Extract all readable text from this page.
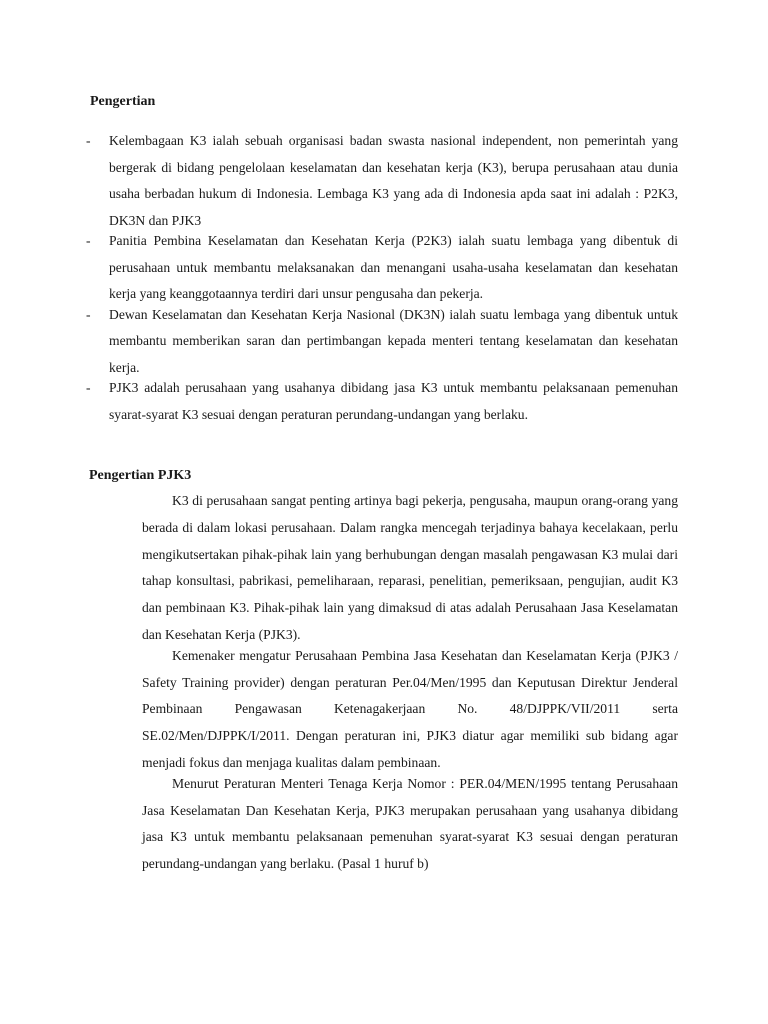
Pengertian
- Kelembagaan K3 ialah sebuah organisasi badan swasta nasional independent, non pemerintah yang bergerak di bidang pengelolaan keselamatan dan kesehatan kerja (K3), berupa perusahaan atau dunia usaha berbadan hukum di Indonesia. Lembaga K3 yang ada di Indonesia apda saat ini adalah : P2K3, DK3N dan PJK3
- Panitia Pembina Keselamatan dan Kesehatan Kerja (P2K3) ialah suatu lembaga yang dibentuk di perusahaan untuk membantu melaksanakan dan menangani usaha-usaha keselamatan dan kesehatan kerja yang keanggotaannya terdiri dari unsur pengusaha dan pekerja.
- Dewan Keselamatan dan Kesehatan Kerja Nasional (DK3N) ialah suatu lembaga yang dibentuk untuk membantu memberikan saran dan pertimbangan kepada menteri tentang keselamatan dan kesehatan kerja.
- PJK3 adalah perusahaan yang usahanya dibidang jasa K3 untuk membantu pelaksanaan pemenuhan syarat-syarat K3 sesuai dengan peraturan perundang-undangan yang berlaku.
Pengertian PJK3

K3 di perusahaan sangat penting artinya bagi pekerja, pengusaha, maupun orang-orang yang berada di dalam lokasi perusahaan. Dalam rangka mencegah terjadinya bahaya kecelakaan, perlu mengikutsertakan pihak-pihak lain yang berhubungan dengan masalah pengawasan K3 mulai dari tahap konsultasi, pabrikasi, pemeliharaan, reparasi, penelitian, pemeriksaan, pengujian, audit K3 dan pembinaan K3. Pihak-pihak lain yang dimaksud di atas adalah Perusahaan Jasa Keselamatan dan Kesehatan Kerja (PJK3).

Kemenaker mengatur Perusahaan Pembina Jasa Kesehatan dan Keselamatan Kerja (PJK3 / Safety Training provider) dengan peraturan Per.04/Men/1995 dan Keputusan Direktur Jenderal Pembinaan Pengawasan Ketenagakerjaan No. 48/DJPPK/VII/2011 serta SE.02/Men/DJPPK/I/2011. Dengan peraturan ini, PJK3 diatur agar memiliki sub bidang agar menjadi fokus dan menjaga kualitas dalam pembinaan.

Menurut Peraturan Menteri Tenaga Kerja Nomor : PER.04/MEN/1995 tentang Perusahaan Jasa Keselamatan Dan Kesehatan Kerja, PJK3 merupakan perusahaan yang usahanya dibidang jasa K3 untuk membantu pelaksanaan pemenuhan syarat-syarat K3 sesuai dengan peraturan perundang-undangan yang berlaku. (Pasal 1 huruf b)
